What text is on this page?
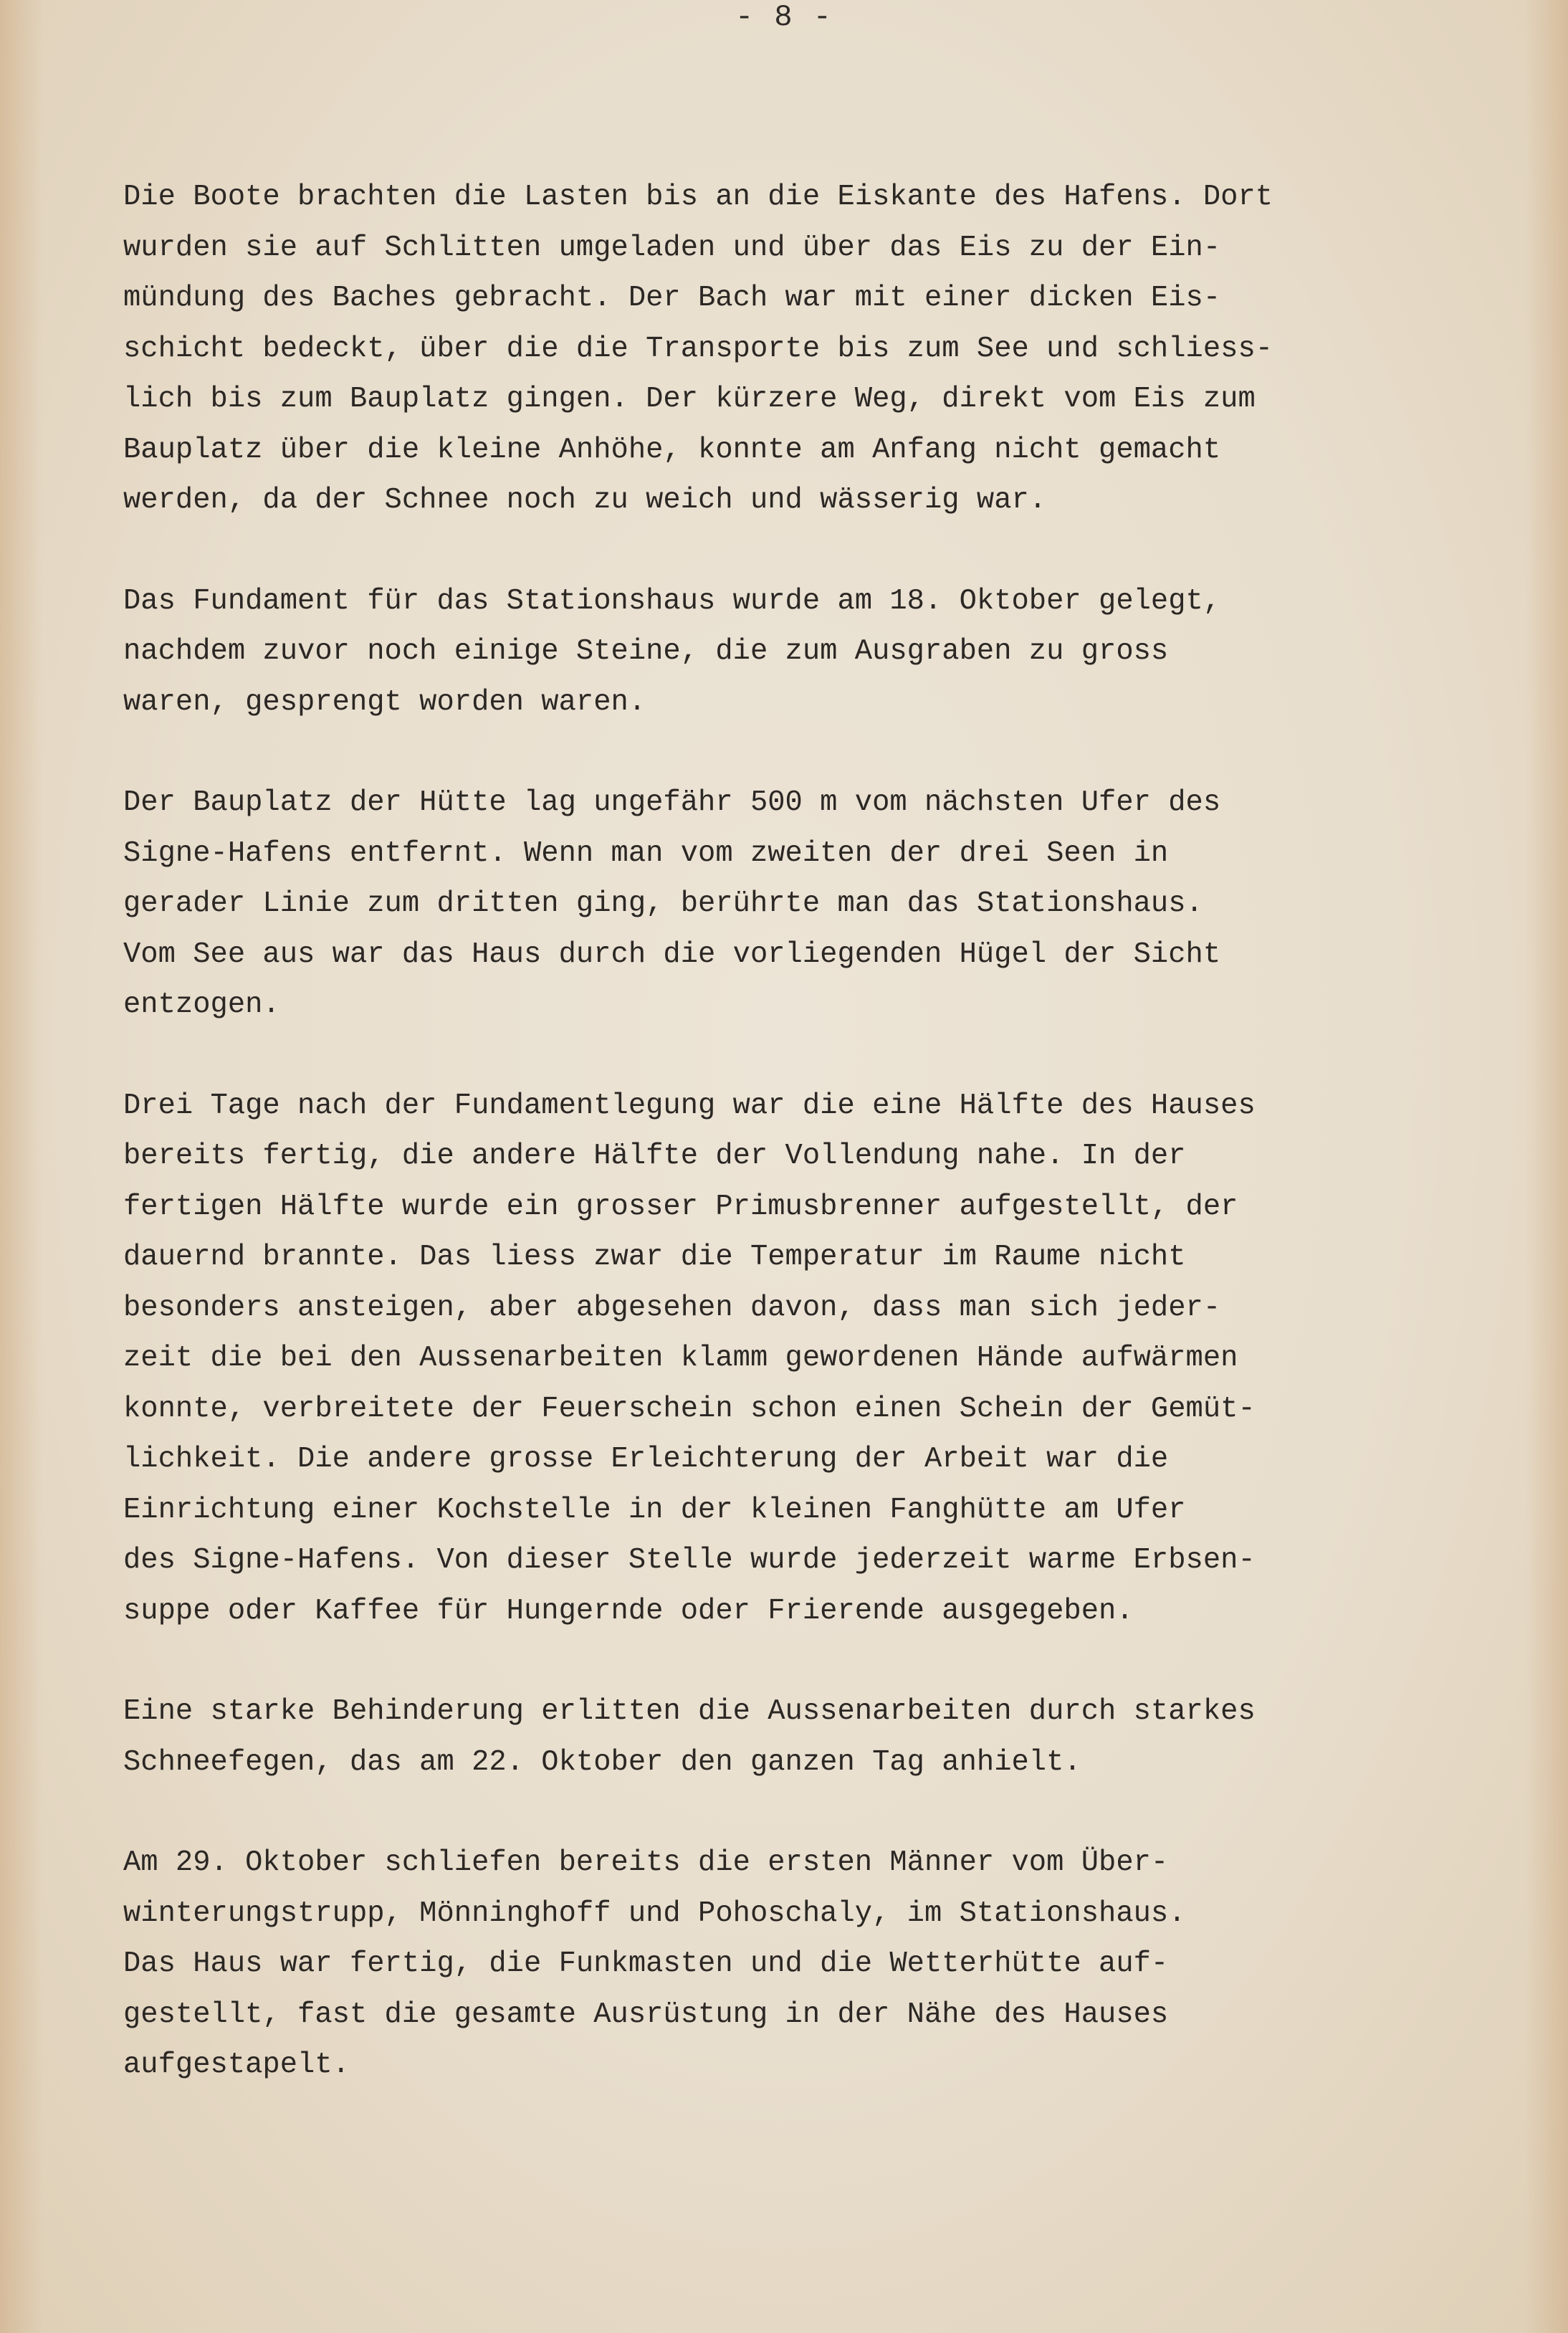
- 8 -
Die Boote brachten die Lasten bis an die Eiskante des Hafens. Dort
wurden sie auf Schlitten umgeladen und über das Eis zu der Ein-
mündung des Baches gebracht. Der Bach war mit einer dicken Eis-
schicht bedeckt, über die die Transporte bis zum See und schliess-
lich bis zum Bauplatz gingen. Der kürzere Weg, direkt vom Eis zum
Bauplatz über die kleine Anhöhe, konnte am Anfang nicht gemacht
werden, da der Schnee noch zu weich und wässerig war.
Das Fundament für das Stationshaus wurde am 18. Oktober gelegt,
nachdem zuvor noch einige Steine, die zum Ausgraben zu gross
waren, gesprengt worden waren.
Der Bauplatz der Hütte lag ungefähr 500 m vom nächsten Ufer des
Signe-Hafens entfernt. Wenn man vom zweiten der drei Seen in
gerader Linie zum dritten ging, berührte man das Stationshaus.
Vom See aus war das Haus durch die vorliegenden Hügel der Sicht
entzogen.
Drei Tage nach der Fundamentlegung war die eine Hälfte des Hauses
bereits fertig, die andere Hälfte der Vollendung nahe. In der
fertigen Hälfte wurde ein grosser Primusbrenner aufgestellt, der
dauernd brannte. Das liess zwar die Temperatur im Raume nicht
besonders ansteigen, aber abgesehen davon, dass man sich jeder-
zeit die bei den Aussenarbeiten klamm gewordenen Hände aufwärmen
konnte, verbreitete der Feuerschein schon einen Schein der Gemüt-
lichkeit. Die andere grosse Erleichterung der Arbeit war die
Einrichtung einer Kochstelle in der kleinen Fanghütte am Ufer
des Signe-Hafens. Von dieser Stelle wurde jederzeit warme Erbsen-
suppe oder Kaffee für Hungernde oder Frierende ausgegeben.
Eine starke Behinderung erlitten die Aussenarbeiten durch starkes
Schneefegen, das am 22. Oktober den ganzen Tag anhielt.
Am 29. Oktober schliefen bereits die ersten Männer vom Über-
winterungstrupp, Mönninghoff und Pohoschaly, im Stationshaus.
Das Haus war fertig, die Funkmasten und die Wetterhütte auf-
gestellt, fast die gesamte Ausrüstung in der Nähe des Hauses
aufgestapelt.
